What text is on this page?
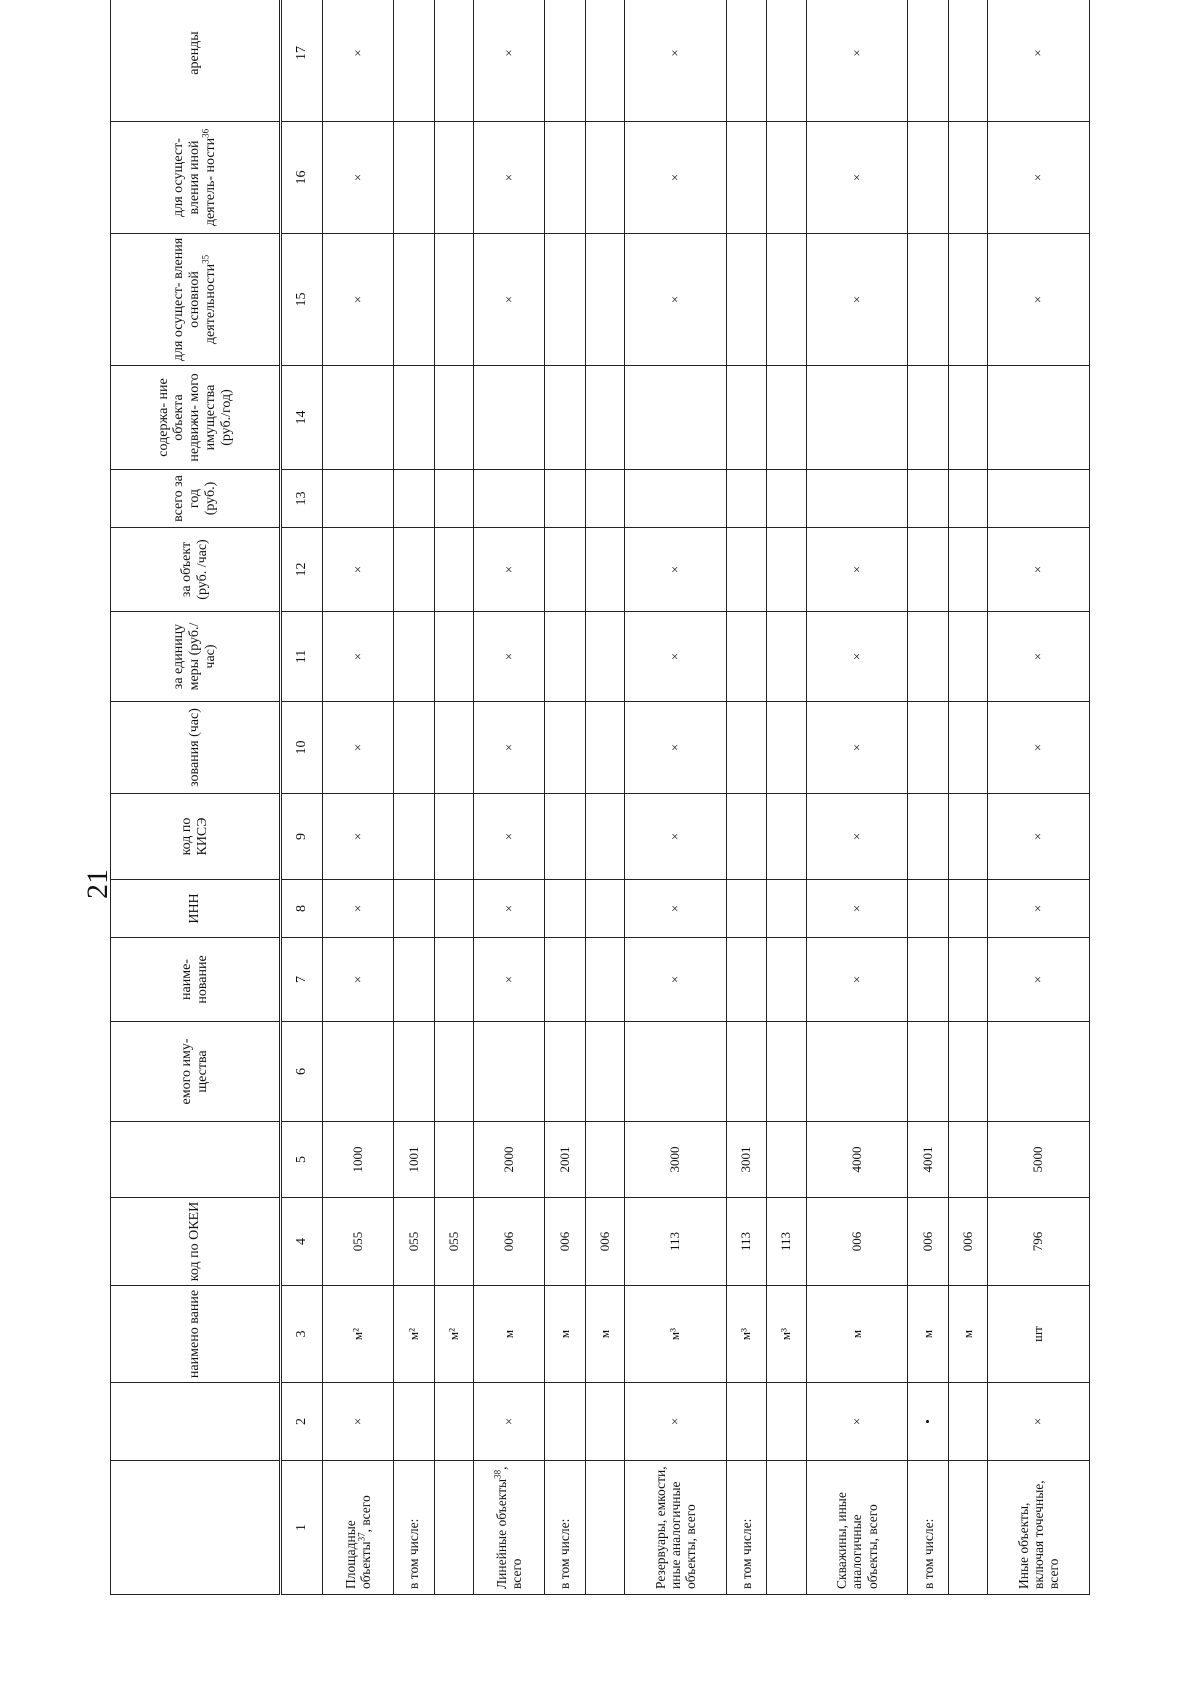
21
		наимено вание	код по ОКЕИ		емого иму- щества	наиме- нование	ИНН	код по КИСЭ	зования (час)	за единицу меры (руб./ час)	за объект (руб. /час)	всего за год (руб.)	содержа- ние объекта недвижи- мого имущества (руб./год)	для осущест- вления основной деятельности$^{35}$	для осущест- вления иной деятель- ности$^{36}$	аренды
1	2	3	4	5	6	7	8	9	10	11	12	13	14	15	16	17
Площадные объекты$^{37}$, всего	×	м²	055	1000		×	×	×	×	×	×			×	×	×
в том числе:		м²	055	1001												
		м²	055													
Линейные объекты$^{38}$, всего	×	м	006	2000		×	×	×	×	×	×			×	×	×
в том числе:		м	006	2001												
		м	006													
Резервуары, емкости, иные аналогичные объекты, всего	×	м³	113	3000		×	×	×	×	×	×			×	×	×
в том числе:		м³	113	3001												
		м³	113													
Скважины, иные аналогичные объекты, всего	×	м	006	4000		×	×	×	×	×	×			×	×	×
в том числе:	•	м	006	4001												
		м	006													
Иные объекты, включая точечные, всего	×	шт	796	5000		×	×	×	×	×	×			×	×	×
